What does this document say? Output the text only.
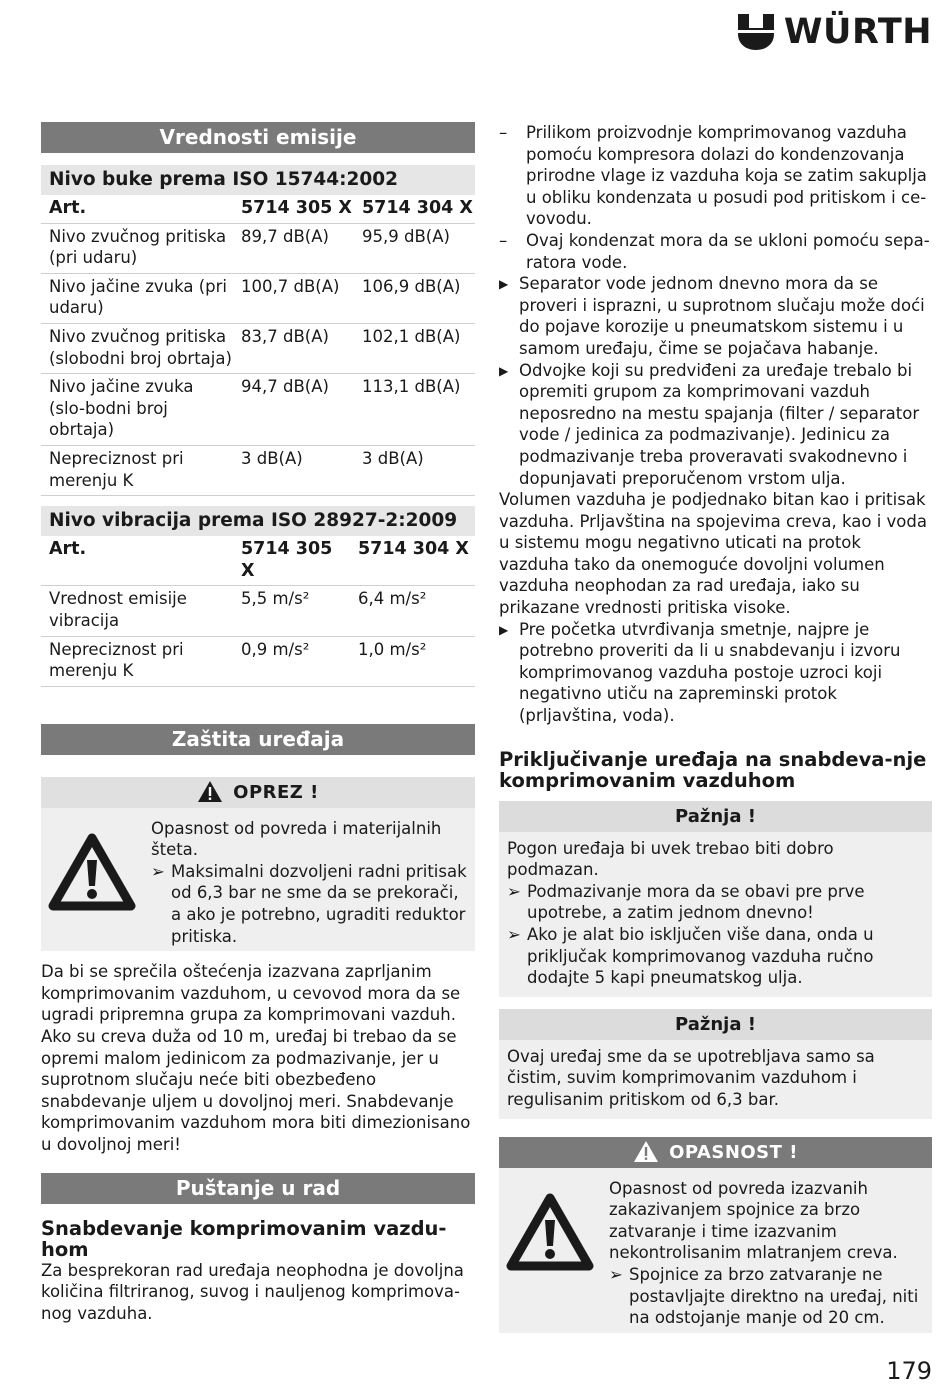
WÜRTH
Vrednosti emisije
Nivo buke prema ISO 15744:2002
Art.	5714 305 X	5714 304 X
Nivo zvučnog pritiska (pri udaru)	89,7 dB(A)	95,9 dB(A)
Nivo jačine zvuka (pri udaru)	100,7 dB(A)	106,9 dB(A)
Nivo zvučnog pritiska (slobodni broj obrtaja)	83,7 dB(A)	102,1 dB(A)
Nivo jačine zvuka (slo-bodni broj obrtaja)	94,7 dB(A)	113,1 dB(A)
Nepreciznost pri merenju K	3 dB(A)	3 dB(A)
Nivo vibracija prema ISO 28927-2:2009
Art.	5714 305 X	5714 304 X
Vrednost emisije vibracija	5,5 m/s²	6,4 m/s²
Nepreciznost pri merenju K	0,9 m/s²	1,0 m/s²
Zaštita uređaja
OPREZ !

Opasnost od povreda i materijalnih šteta.

➢ Maksimalni dozvoljeni radni pritisak od 6,3 bar ne sme da se prekorači, a ako je potrebno, ugraditi reduktor pritiska.

Da bi se sprečila oštećenja izazvana zaprljanim komprimovanim vazduhom, u cevovod mora da se ugradi pripremna grupa za komprimovani vazduh. Ako su creva duža od 10 m, uređaj bi trebao da se opremi malom jedinicom za podmazivanje, jer u suprotnom slučaju neće biti obezbeđeno snabdevanje uljem u dovoljnoj meri. Snabdevanje komprimovanim vazduhom mora biti dimezionisano u dovoljnoj meri!

Puštanje u rad
Snabdevanje komprimovanim vazdu-hom

Za besprekoran rad uređaja neophodna je dovoljna količina filtriranog, suvog i nauljenog komprimova-nog vazduha.

–	Prilikom proizvodnje komprimovanog vazduha pomoću kompresora dolazi do kondenzovanja prirodne vlage iz vazduha koja se zatim sakuplja u obliku kondenzata u posudi pod pritiskom i ce-vovodu.
–	Ovaj kondenzat mora da se ukloni pomoću sepa-ratora vode.
▶ Separator vode jednom dnevno mora da se proveri i isprazni, u suprotnom slučaju može doći do pojave korozije u pneumatskom sistemu i u samom uređaju, čime se pojačava habanje.
▶ Odvojke koji su predviđeni za uređaje trebalo bi opremiti grupom za komprimovani vazduh neposredno na mestu spajanja (filter / separator vode / jedinica za podmazivanje). Jedinicu za podmazivanje treba proveravati svakodnevno i dopunjavati preporučenom vrstom ulja.

Volumen vazduha je podjednako bitan kao i pritisak vazduha. Prljavština na spojevima creva, kao i voda u sistemu mogu negativno uticati na protok vazduha tako da onemoguće dovoljni volumen vazduha neophodan za rad uređaja, iako su prikazane vrednosti pritiska visoke.

▶ Pre početka utvrđivanja smetnje, najpre je potrebno proveriti da li u snabdevanju i izvoru komprimovanog vazduha postoje uzroci koji negativno utiču na zapreminski protok (prljavština, voda).
Priključivanje uređaja na snabdeva-nje komprimovanim vazduhom
Pažnja !

Pogon uređaja bi uvek trebao biti dobro podmazan.

➢ Podmazivanje mora da se obavi pre prve upotrebe, a zatim jednom dnevno!
➢ Ako je alat bio isključen više dana, onda u priključak komprimovanog vazduha ručno dodajte 5 kapi pneumatskog ulja.
Pažnja !

Ovaj uređaj sme da se upotrebljava samo sa čistim, suvim komprimovanim vazduhom i regulisanim pritiskom od 6,3 bar.

OPASNOST !

Opasnost od povreda izazvanih zakazivanjem spojnice za brzo zatvaranje i time izazvanim nekontrolisanim mlatranjem creva.

➢ Spojnice za brzo zatvaranje ne postavljajte direktno na uređaj, niti na odstojanje manje od 20 cm.
179
